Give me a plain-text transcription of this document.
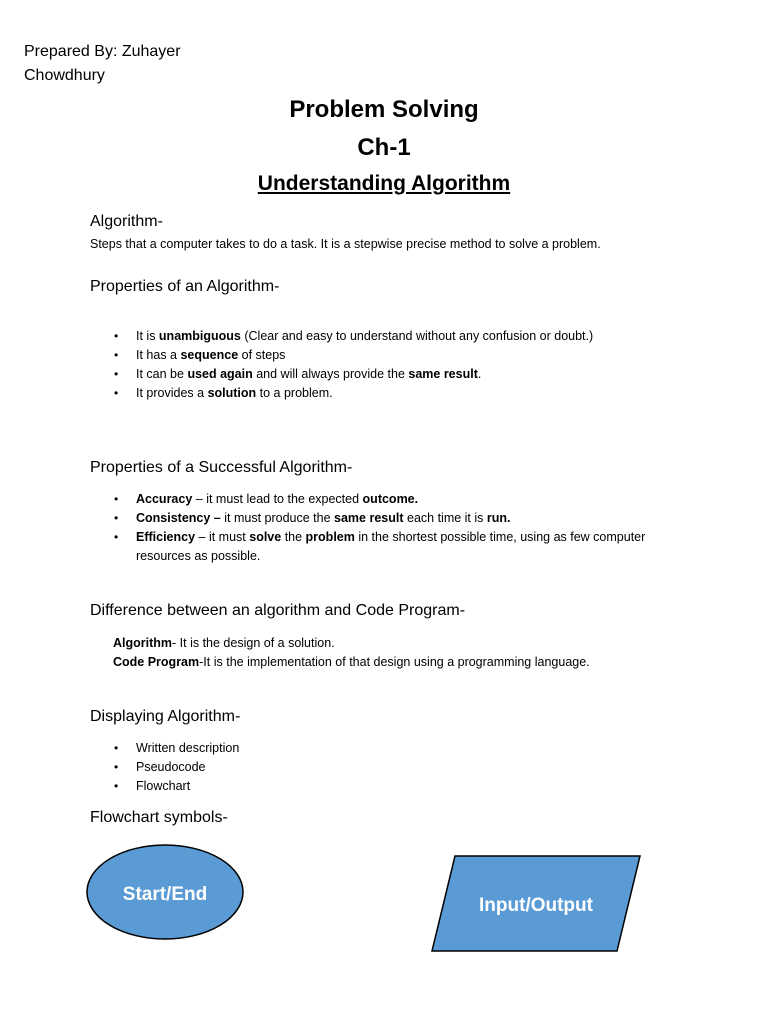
Prepared By: Zuhayer
Chowdhury
Problem Solving
Ch-1
Understanding Algorithm
Algorithm-
Steps that a computer takes to do a task. It is a stepwise precise method to solve a problem.
Properties of an Algorithm-
• It is unambiguous (Clear and easy to understand without any confusion or doubt.)
• It has a sequence of steps
• It can be used again and will always provide the same result.
• It provides a solution to a problem.
Properties of a Successful Algorithm-
• Accuracy – it must lead to the expected outcome.
• Consistency – it must produce the same result each time it is run.
• Efficiency – it must solve the problem in the shortest possible time, using as few computer
resources as possible.
Difference between an algorithm and Code Program-
Algorithm- It is the design of a solution.
Code Program-It is the implementation of that design using a programming language.
Displaying Algorithm-
• Written description
• Pseudocode
• Flowchart
Flowchart symbols-
Start/End
Input/Output
